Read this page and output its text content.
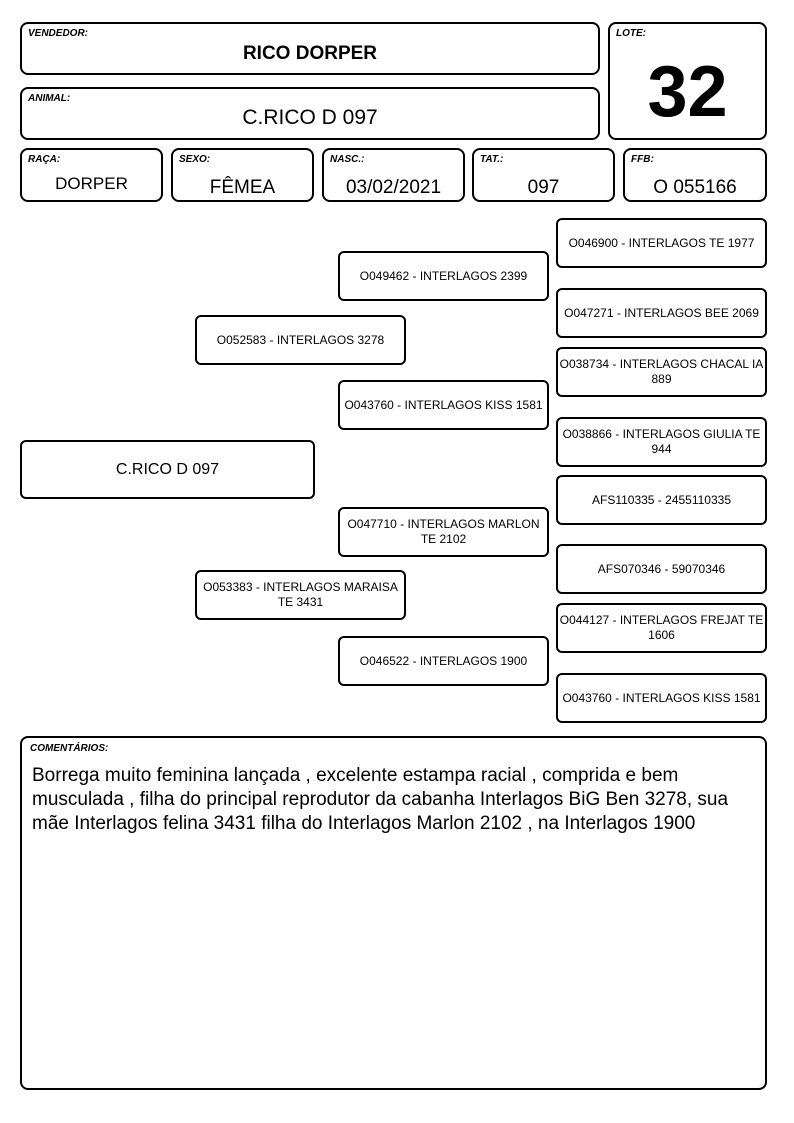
VENDEDOR:
RICO DORPER
LOTE:
32
ANIMAL:
C.RICO D 097
RAÇA:
DORPER
SEXO:
FÊMEA
NASC.:
03/02/2021
TAT.:
097
FFB:
O 055166
C.RICO D 097
O052583 - INTERLAGOS 3278
O053383 - INTERLAGOS MARAISA TE 3431
O049462 - INTERLAGOS 2399
O043760 - INTERLAGOS KISS 1581
O047710 - INTERLAGOS MARLON TE 2102
O046522 - INTERLAGOS 1900
O046900 - INTERLAGOS TE 1977
O047271 - INTERLAGOS BEE 2069
O038734 - INTERLAGOS CHACAL IA 889
O038866 - INTERLAGOS GIULIA TE 944
AFS110335 - 2455110335
AFS070346 - 59070346
O044127 - INTERLAGOS FREJAT TE 1606
O043760 - INTERLAGOS KISS 1581
COMENTÁRIOS:
Borrega muito feminina lançada , excelente estampa racial , comprida e bem musculada , filha do principal reprodutor da cabanha Interlagos BiG Ben 3278, sua mãe Interlagos felina 3431 filha do Interlagos Marlon 2102 , na Interlagos 1900
